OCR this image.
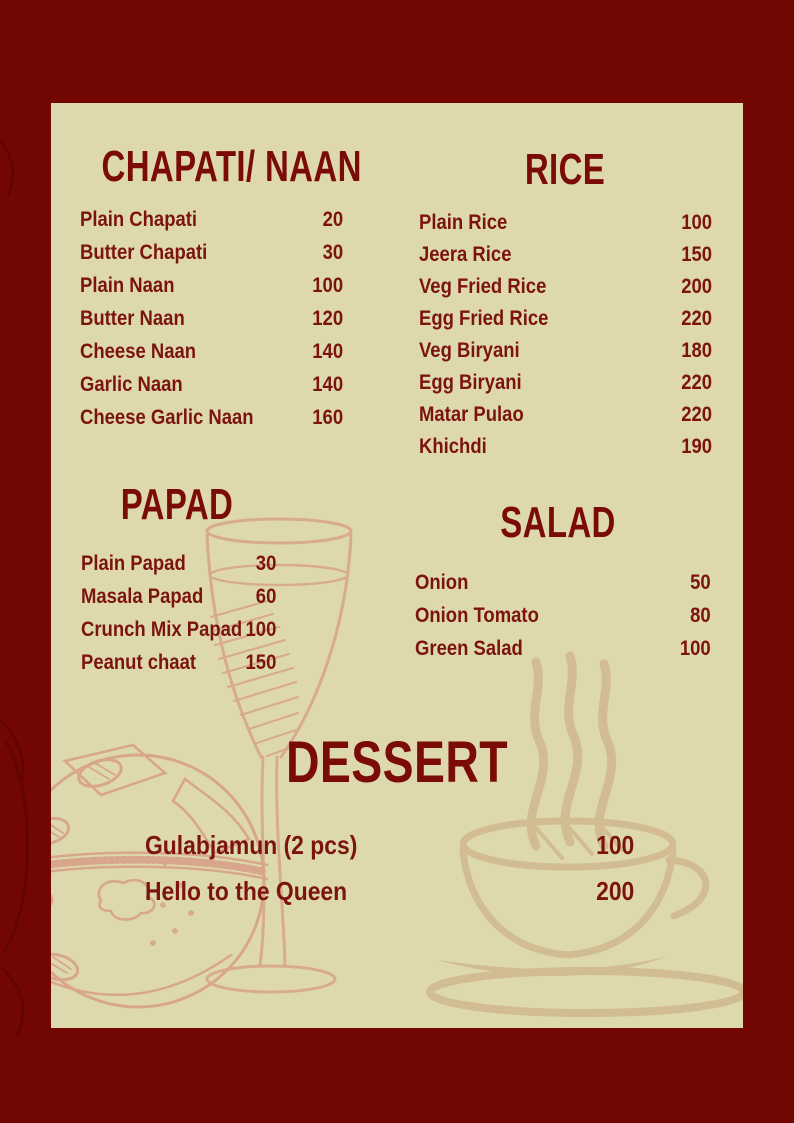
CHAPATI/ NAAN
Plain Chapati	20
Butter Chapati	30
Plain Naan	100
Butter Naan	120
Cheese Naan	140
Garlic Naan	140
Cheese Garlic Naan	160
RICE
Plain Rice	100
Jeera Rice	150
Veg Fried Rice	200
Egg Fried Rice	220
Veg Biryani	180
Egg Biryani	220
Matar Pulao	220
Khichdi	190
PAPAD
Plain Papad	30
Masala Papad	60
Crunch Mix Papad 100
Peanut chaat 150
SALAD
Onion	50
Onion Tomato	80
Green Salad	100
DESSERT
Gulabjamun (2 pcs)	100
Hello to the Queen	200
